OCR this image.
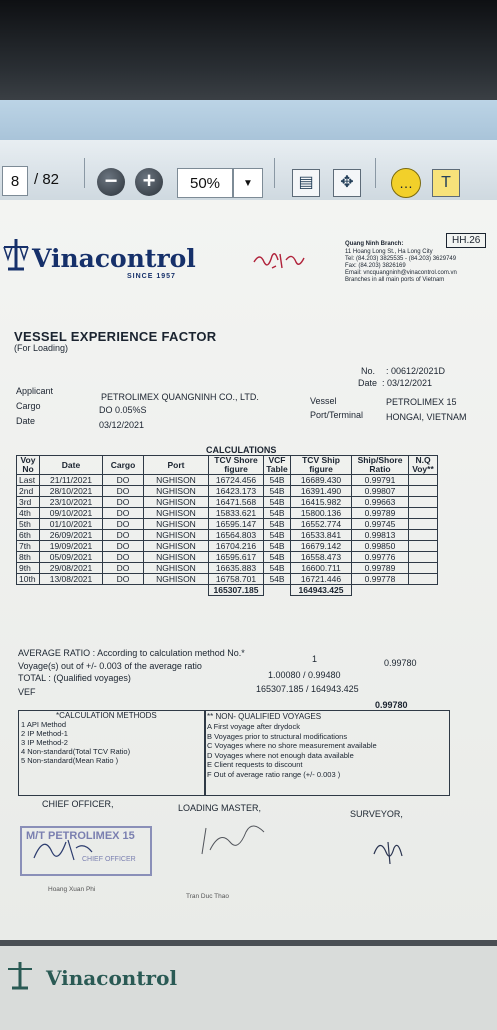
8 / 82	−	+	50%	▼	▤	✥	…	T
Vinacontrol
SINCE 1957
HH.26
Quang Ninh Branch:
11 Hoang Long St., Ha Long City
Tel: (84.203) 3825535 - (84.203) 3629749
Fax: (84.203) 3826169
Email: vncquangninh@vinacontrol.com.vn
Branches in all main ports of Vietnam
VESSEL EXPERIENCE FACTOR
(For Loading)
No. : 00612/2021D
Date : 03/12/2021
Applicant
PETROLIMEX QUANGNINH CO., LTD.
Cargo	DO 0.05%S
Date	03/12/2021
Vessel	PETROLIMEX 15
Port/Terminal	HONGAI, VIETNAM
CALCULATIONS
Voy No	Date	Cargo	Port	TCV Shore figure	VCF Table	TCV Ship figure	Ship/Shore Ratio	N.Q Voy**
Last	21/11/2021	DO	NGHISON	16724.456	54B	16689.430	0.99791	
2nd	28/10/2021	DO	NGHISON	16423.173	54B	16391.490	0.99807	
3rd	23/10/2021	DO	NGHISON	16471.568	54B	16415.982	0.99663	
4th	09/10/2021	DO	NGHISON	15833.621	54B	15800.136	0.99789	
5th	01/10/2021	DO	NGHISON	16595.147	54B	16552.774	0.99745	
6th	26/09/2021	DO	NGHISON	16564.803	54B	16533.841	0.99813	
7th	19/09/2021	DO	NGHISON	16704.216	54B	16679.142	0.99850	
8th	05/09/2021	DO	NGHISON	16595.617	54B	16558.473	0.99776	
9th	29/08/2021	DO	NGHISON	16635.883	54B	16600.711	0.99789	
10th	13/08/2021	DO	NGHISON	16758.701	54B	16721.446	0.99778	
				165307.185		164943.425		
AVERAGE RATIO : According to calculation method No.*
1	0.99780
Voyage(s) out of +/- 0.003 of the average ratio
1.00080 / 0.99480
TOTAL : (Qualified voyages)
165307.185 / 164943.425
VEF
0.99780
*CALCULATION METHODS
1 API Method
2 IP Method-1
3 IP Method-2
4 Non-standard(Total TCV Ratio)
5 Non-standard(Mean Ratio )
** NON- QUALIFIED VOYAGES
A First voyage after drydock
B Voyages prior to structural modifications
C Voyages where no shore measurement available
D Voyages where not enough data available
E Client requests to discount
F Out of average ratio range (+/- 0.003 )
CHIEF OFFICER,	LOADING MASTER,
SURVEYOR,
M/T PETROLIMEX 15
CHIEF OFFICER
Hoang Xuan Phi
Tran Duc Thao
Vinacontrol
